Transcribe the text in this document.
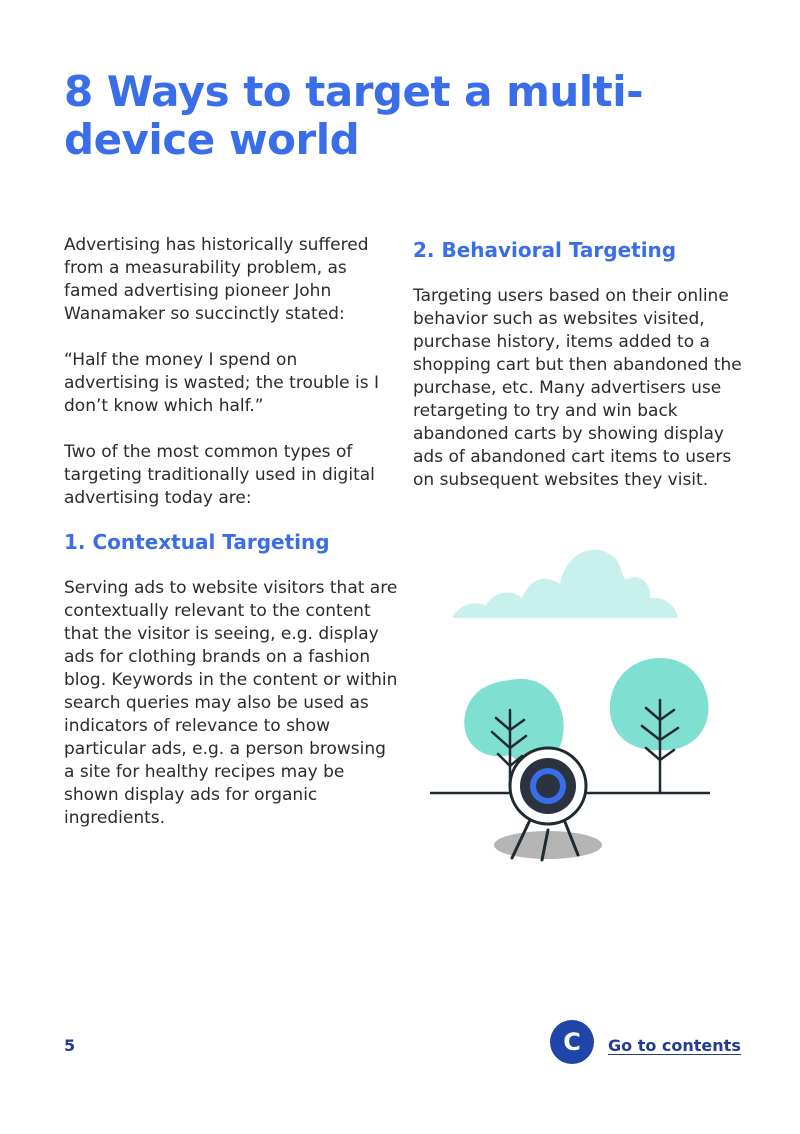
8 Ways to target a multi-device world

Advertising has historically suffered from a measurability problem, as famed advertising pioneer John Wanamaker so succinctly stated:

“Half the money I spend on advertising is wasted; the trouble is I don’t know which half.”

Two of the most common types of targeting traditionally used in digital advertising today are:

1. Contextual Targeting

Serving ads to website visitors that are contextually relevant to the content that the visitor is seeing, e.g. display ads for clothing brands on a fashion blog. Keywords in the content or within search queries may also be used as indicators of relevance to show particular ads, e.g. a person browsing a site for healthy recipes may be shown display ads for organic ingredients.

2. Behavioral Targeting

Targeting users based on their online behavior such as websites visited, purchase history, items added to a shopping cart but then abandoned the purchase, etc. Many advertisers use retargeting to try and win back abandoned carts by showing display ads of abandoned cart items to users on subsequent websites they visit.

5	C	Go to contents
